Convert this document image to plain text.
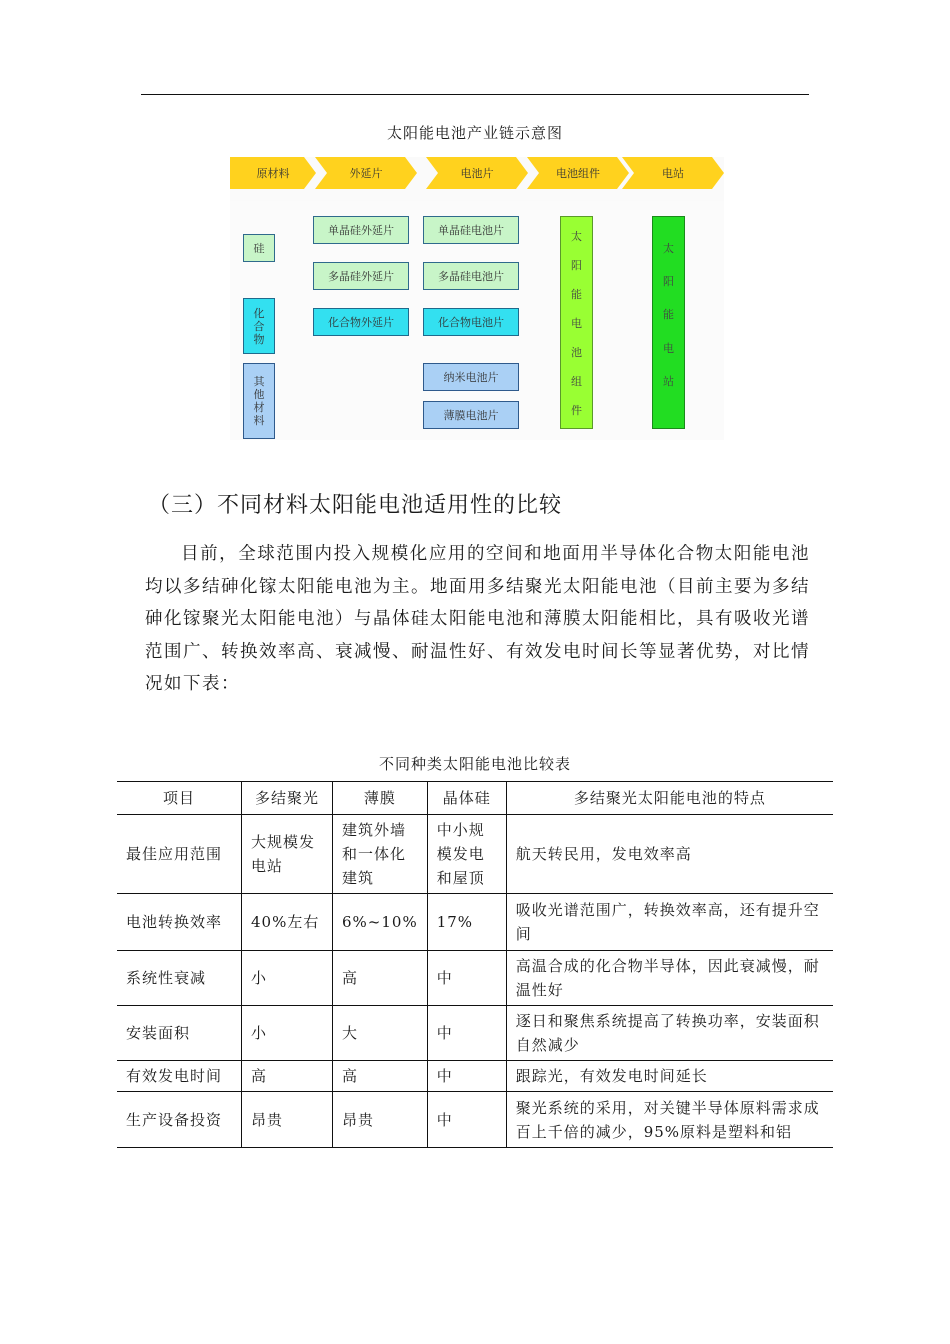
太阳能电池产业链示意图
原材料	外延片	电池片	电池组件	电站
硅
化合物
其他材料
单晶硅外延片
多晶硅外延片
化合物外延片
单晶硅电池片
多晶硅电池片
化合物电池片
纳米电池片
薄膜电池片
太
阳
能
电
池
组
件
太
阳
能
电
站
（三）不同材料太阳能电池适用性的比较
目前，全球范围内投入规模化应用的空间和地面用半导体化合物太阳能电池均以多结砷化镓太阳能电池为主。地面用多结聚光太阳能电池（目前主要为多结砷化镓聚光太阳能电池）与晶体硅太阳能电池和薄膜太阳能相比，具有吸收光谱范围广、转换效率高、衰减慢、耐温性好、有效发电时间长等显著优势，对比情况如下表：
不同种类太阳能电池比较表
项目	多结聚光	薄膜	晶体硅	多结聚光太阳能电池的特点
最佳应用范围	大规模发电站	建筑外墙和一体化建筑	中小规模发电和屋顶	航天转民用，发电效率高
电池转换效率	40%左右	6%~10%	17%	吸收光谱范围广，转换效率高，还有提升空间
系统性衰减	小	高	中	高温合成的化合物半导体，因此衰减慢，耐温性好
安装面积	小	大	中	逐日和聚焦系统提高了转换功率，安装面积自然减少
有效发电时间	高	高	中	跟踪光，有效发电时间延长
生产设备投资	昂贵	昂贵	中	聚光系统的采用，对关键半导体原料需求成百上千倍的减少，95%原料是塑料和铝
